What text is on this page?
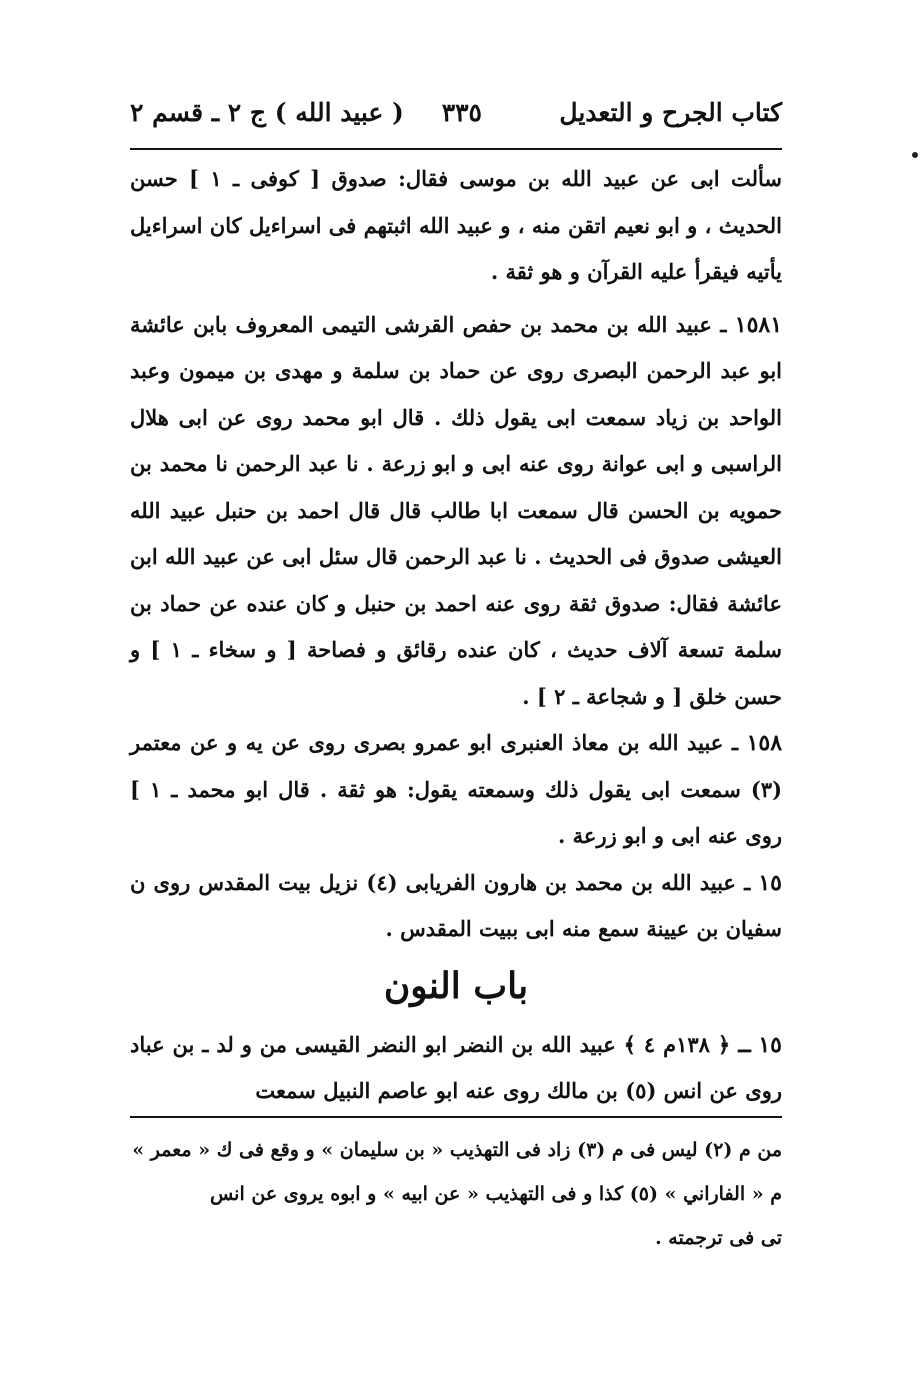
كتاب الجرح و التعديل
٣٣٥
( عبيد الله ) ج ٢ ـ قسم ٢

سألت ابى عن عبيد الله بن موسى فقال: صدوق [ كوفى ـ ١ ] حسن الحديث ، و ابو نعيم اتقن منه ، و عبيد الله اثبتهم فى اسراءيل كان اسراءيل يأتيه فيقرأ عليه القرآن و هو ثقة .

١٥٨١ ـ عبيد الله بن محمد بن حفص القرشى التيمى المعروف بابن عائشة ابو عبد الرحمن البصرى روى عن حماد بن سلمة و مهدى بن ميمون وعبد الواحد بن زياد سمعت ابى يقول ذلك . قال ابو محمد روى عن ابى هلال الراسبى و ابى عوانة روى عنه ابى و ابو زرعة . نا عبد الرحمن نا محمد بن حمويه بن الحسن قال سمعت ابا طالب قال قال احمد بن حنبل عبيد الله العيشى صدوق فى الحديث . نا عبد الرحمن قال سئل ابى عن عبيد الله ابن عائشة فقال: صدوق ثقة روى عنه احمد بن حنبل و كان عنده عن حماد بن سلمة تسعة آلاف حديث ، كان عنده رقائق و فصاحة [ و سخاء ـ ١ ] و حسن خلق [ و شجاعة ـ ٢ ] .

١٥٨ ـ عبيد الله بن معاذ العنبرى ابو عمرو بصرى روى عن يه و عن معتمر (٣) سمعت ابى يقول ذلك وسمعته يقول: هو ثقة . قال ابو محمد ـ ١ ] روى عنه ابى و ابو زرعة .

١٥ ـ عبيد الله بن محمد بن هارون الفريابى (٤) نزيل بيت المقدس روى ن سفيان بن عيينة سمع منه ابى ببيت المقدس .

باب النون

١٥ ـ ﴿ ١٣٨م ٤ ﴾ عبيد الله بن النضر ابو النضر القيسى من و لد ـ بن عباد روى عن انس (٥) بن مالك روى عنه ابو عاصم النبيل سمعت

من م (٢) ليس فى م (٣) زاد فى التهذيب « بن سليمان » و وقع فى ك « معمر »

م « الفاراني » (٥) كذا و فى التهذيب « عن ابيه » و ابوه يروى عن انس

تى فى ترجمته .
